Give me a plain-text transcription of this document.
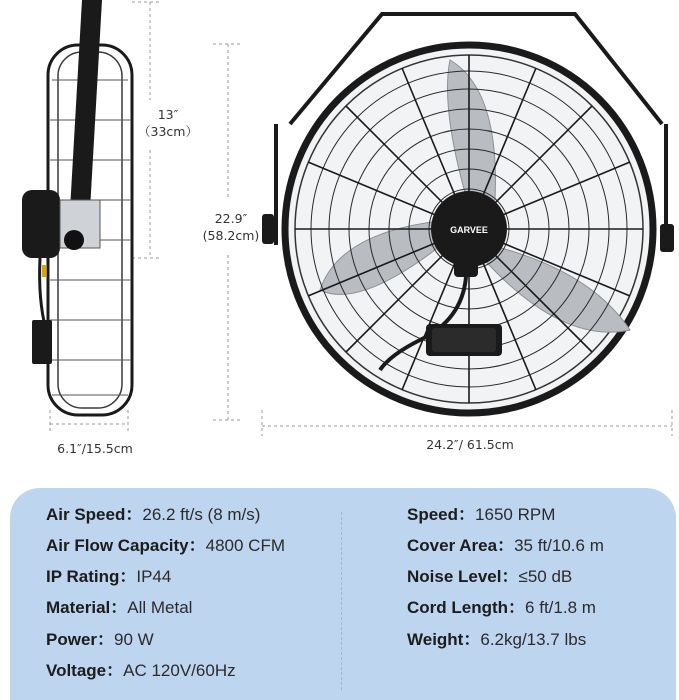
GARVEE
13″
（33cm）
22.9″
(58.2cm)
6.1″/15.5cm	24.2″/ 61.5cm
Air Speed：26.2 ft/s (8 m/s)
Air Flow Capacity：4800 CFM
IP Rating：IP44
Material：All Metal
Power：90 W
Voltage：AC 120V/60Hz
Speed：1650 RPM
Cover Area：35 ft/10.6 m
Noise Level：≤50 dB
Cord Length：6 ft/1.8 m
Weight：6.2kg/13.7 lbs
